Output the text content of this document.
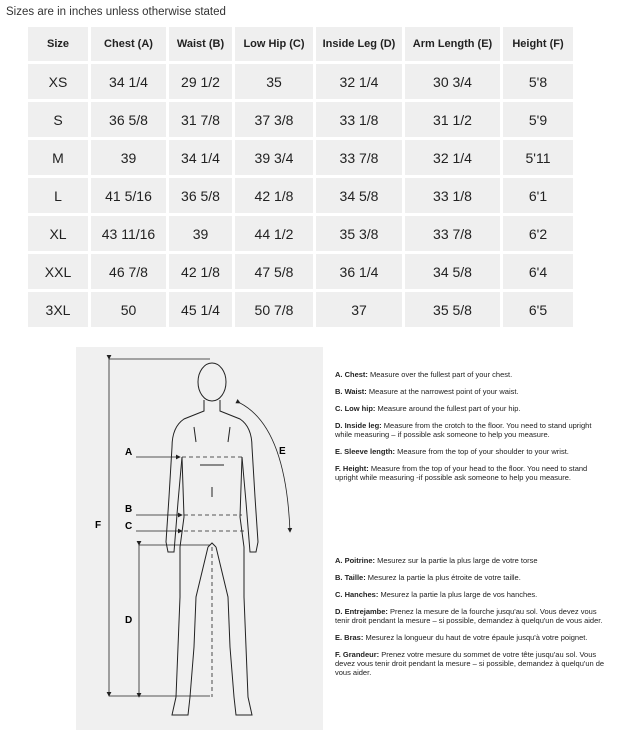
Sizes are in inches unless otherwise stated
Size	Chest (A)	Waist (B)	Low Hip (C)	Inside Leg (D)	Arm Length (E)	Height (F)
XS	34 1/4	29 1/2	35	32 1/4	30 3/4	5'8
S	36 5/8	31 7/8	37 3/8	33 1/8	31 1/2	5'9
M	39	34 1/4	39 3/4	33 7/8	32 1/4	5'11
L	41 5/16	36 5/8	42 1/8	34 5/8	33 1/8	6'1
XL	43 11/16	39	44 1/2	35 3/8	33 7/8	6'2
XXL	46 7/8	42 1/8	47 5/8	36 1/4	34 5/8	6'4
3XL	50	45 1/4	50 7/8	37	35 5/8	6'5
A
B
C
D
E
F

A. Chest: Measure over the fullest part of your chest.

B. Waist: Measure at the narrowest point of your waist.

C. Low hip: Measure around the fullest part of your hip.

D. Inside leg: Measure from the crotch to the floor. You need to stand upright while measuring – if possible ask someone to help you measure.

E. Sleeve length: Measure from the top of your shoulder to your wrist.

F. Height: Measure from the top of your head to the floor. You need to stand upright while measuring -if possible ask someone to help you measure.

A. Poitrine: Mesurez sur la partie la plus large de votre torse

B. Taille: Mesurez la partie la plus étroite de votre taille.

C. Hanches: Mesurez la partie la plus large de vos hanches.

D. Entrejambe: Prenez la mesure de la fourche jusqu'au sol. Vous devez vous tenir droit pendant la mesure – si possible, demandez à quelqu'un de vous aider.

E. Bras: Mesurez la longueur du haut de votre épaule jusqu'à votre poignet.

F. Grandeur: Prenez votre mesure du sommet de votre tête jusqu'au sol. Vous devez vous tenir droit pendant la mesure – si possible, demandez à quelqu'un de vous aider.
